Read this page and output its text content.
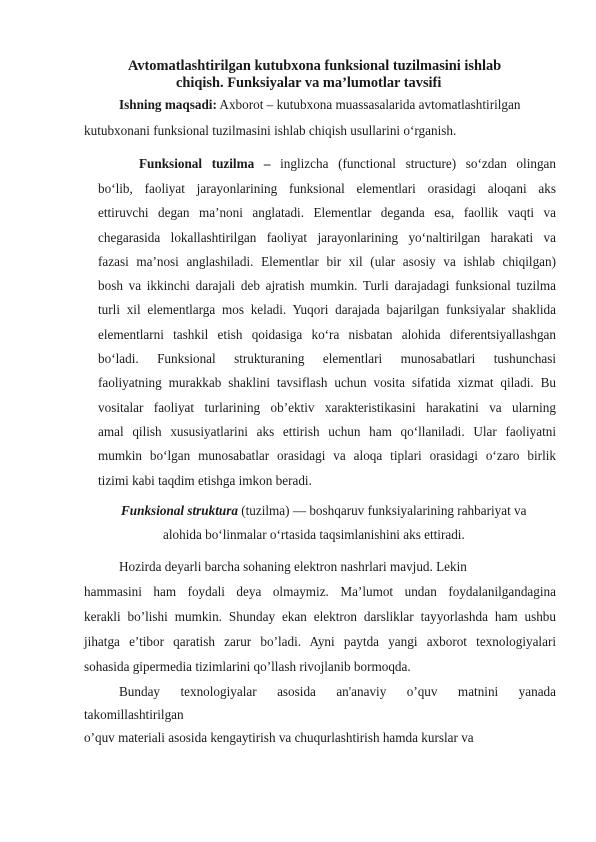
Avtomatlashtirilgan kutubxona funksional tuzilmasini ishlab
chiqish. Funksiyalar va ma’lumotlar tavsifi
Ishning maqsadi: Axborot – kutubxona muassasalarida avtomatlashtirilgan
kutubxonani funksional tuzilmasini ishlab chiqish usullarini o‘rganish.
Funksional tuzilma – inglizcha (functional structure) so‘zdan olingan
bo‘lib, faoliyat jarayonlarining funksional elementlari orasidagi aloqani aks
ettiruvchi degan ma’noni anglatadi. Elementlar deganda esa, faollik vaqti va
chegarasida lokallashtirilgan faoliyat jarayonlarining yo‘naltirilgan harakati va
fazasi ma’nosi anglashiladi. Elementlar bir xil (ular asosiy va ishlab chiqilgan)
bosh va ikkinchi darajali deb ajratish mumkin. Turli darajadagi funksional tuzilma
turli xil elementlarga mos keladi. Yuqori darajada bajarilgan funksiyalar shaklida
elementlarni tashkil etish qoidasiga ko‘ra nisbatan alohida diferentsiyallashgan
bo‘ladi. Funksional strukturaning elementlari munosabatlari tushunchasi
faoliyatning murakkab shaklini tavsiflash uchun vosita sifatida xizmat qiladi. Bu
vositalar faoliyat turlarining ob’ektiv xarakteristikasini harakatini va ularning
amal qilish xususiyatlarini aks ettirish uchun ham qo‘llaniladi. Ular faoliyatni
mumkin bo‘lgan munosabatlar orasidagi va aloqa tiplari orasidagi o‘zaro birlik
tizimi kabi taqdim etishga imkon beradi.
Funksional struktura (tuzilma) — boshqaruv funksiyalarining rahbariyat va
alohida bo‘linmalar o‘rtasida taqsimlanishini aks ettiradi.
Hozirda deyarli barcha sohaning elektron nashrlari mavjud. Lekin
hammasini ham foydali deya olmaymiz. Ma’lumot undan foydalanilgandagina
kerakli bo’lishi mumkin. Shunday ekan elektron darsliklar tayyorlashda ham ushbu
jihatga e’tibor qaratish zarur bo’ladi. Ayni paytda yangi axborot texnologiyalari
sohasida gipermedia tizimlarini qo’llash rivojlanib bormoqda.
Bunday texnologiyalar asosida an'anaviy o’quv matnini yanada
takomillashtirilgan
o’quv materiali asosida kengaytirish va chuqurlashtirish hamda kurslar va
